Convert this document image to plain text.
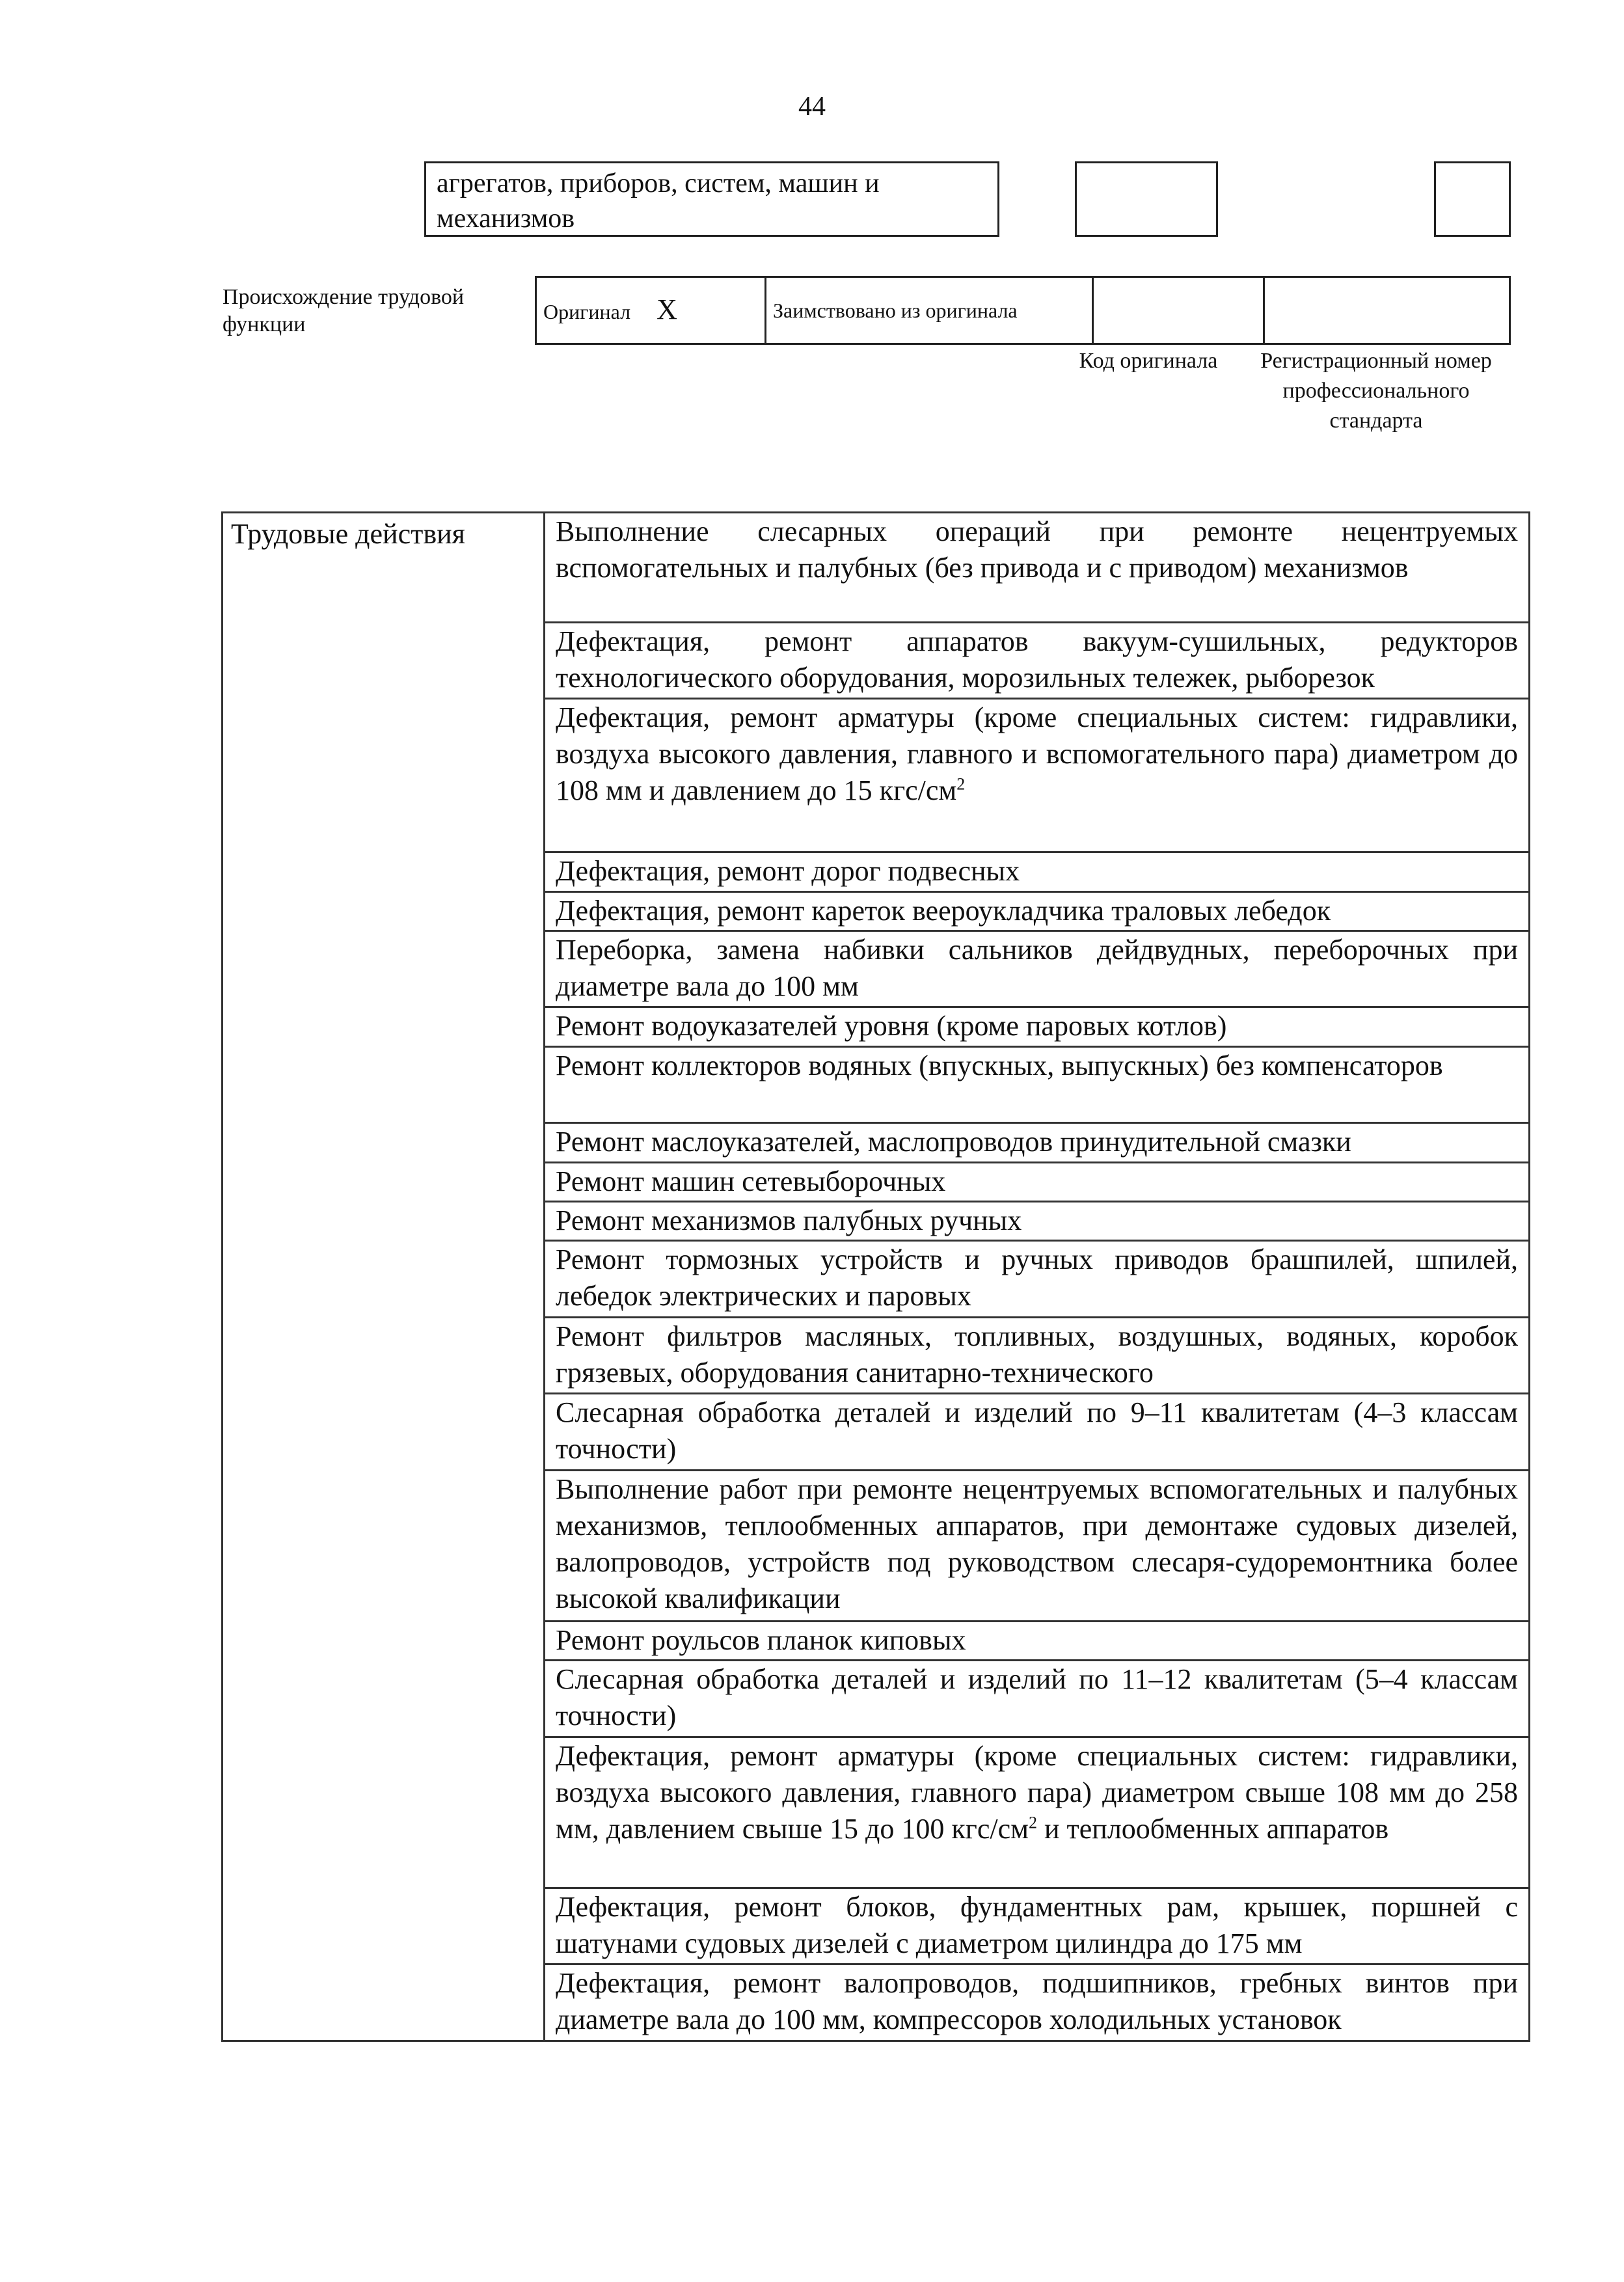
44
агрегатов, приборов, систем, машин и механизмов
Происхождение трудовой функции
Оригинал X	Заимствовано из оригинала		
Код оригинала	Регистрационный номер профессионального стандарта
Трудовые действия	Выполнение слесарных операций при ремонте нецентруемых вспомогательных и палубных (без привода и с приводом) механизмов
Дефектация, ремонт аппаратов вакуум-сушильных, редукторов технологического оборудования, морозильных тележек, рыборезок
Дефектация, ремонт арматуры (кроме специальных систем: гидравлики, воздуха высокого давления, главного и вспомогательного пара) диаметром до 108 мм и давлением до 15 кгс/$см^2$
Дефектация, ремонт дорог подвесных
Дефектация, ремонт кареток веероукладчика траловых лебедок
Переборка, замена набивки сальников дейдвудных, переборочных при диаметре вала до 100 мм
Ремонт водоуказателей уровня (кроме паровых котлов)
Ремонт коллекторов водяных (впускных, выпускных) без компенсаторов
Ремонт маслоуказателей, маслопроводов принудительной смазки
Ремонт машин сетевыборочных
Ремонт механизмов палубных ручных
Ремонт тормозных устройств и ручных приводов брашпилей, шпилей, лебедок электрических и паровых
Ремонт фильтров масляных, топливных, воздушных, водяных, коробок грязевых, оборудования санитарно-технического
Слесарная обработка деталей и изделий по 9–11 квалитетам (4–3 классам точности)
Выполнение работ при ремонте нецентруемых вспомогательных и палубных механизмов, теплообменных аппаратов, при демонтаже судовых дизелей, валопроводов, устройств под руководством слесаря-судоремонтника более высокой квалификации
Ремонт роульсов планок киповых
Слесарная обработка деталей и изделий по 11–12 квалитетам (5–4 классам точности)
Дефектация, ремонт арматуры (кроме специальных систем: гидравлики, воздуха высокого давления, главного пара) диаметром свыше 108 мм до 258 мм, давлением свыше 15 до 100 кгс/$см^2$ и теплообменных аппаратов
Дефектация, ремонт блоков, фундаментных рам, крышек, поршней с шатунами судовых дизелей с диаметром цилиндра до 175 мм
Дефектация, ремонт валопроводов, подшипников, гребных винтов при диаметре вала до 100 мм, компрессоров холодильных установок
